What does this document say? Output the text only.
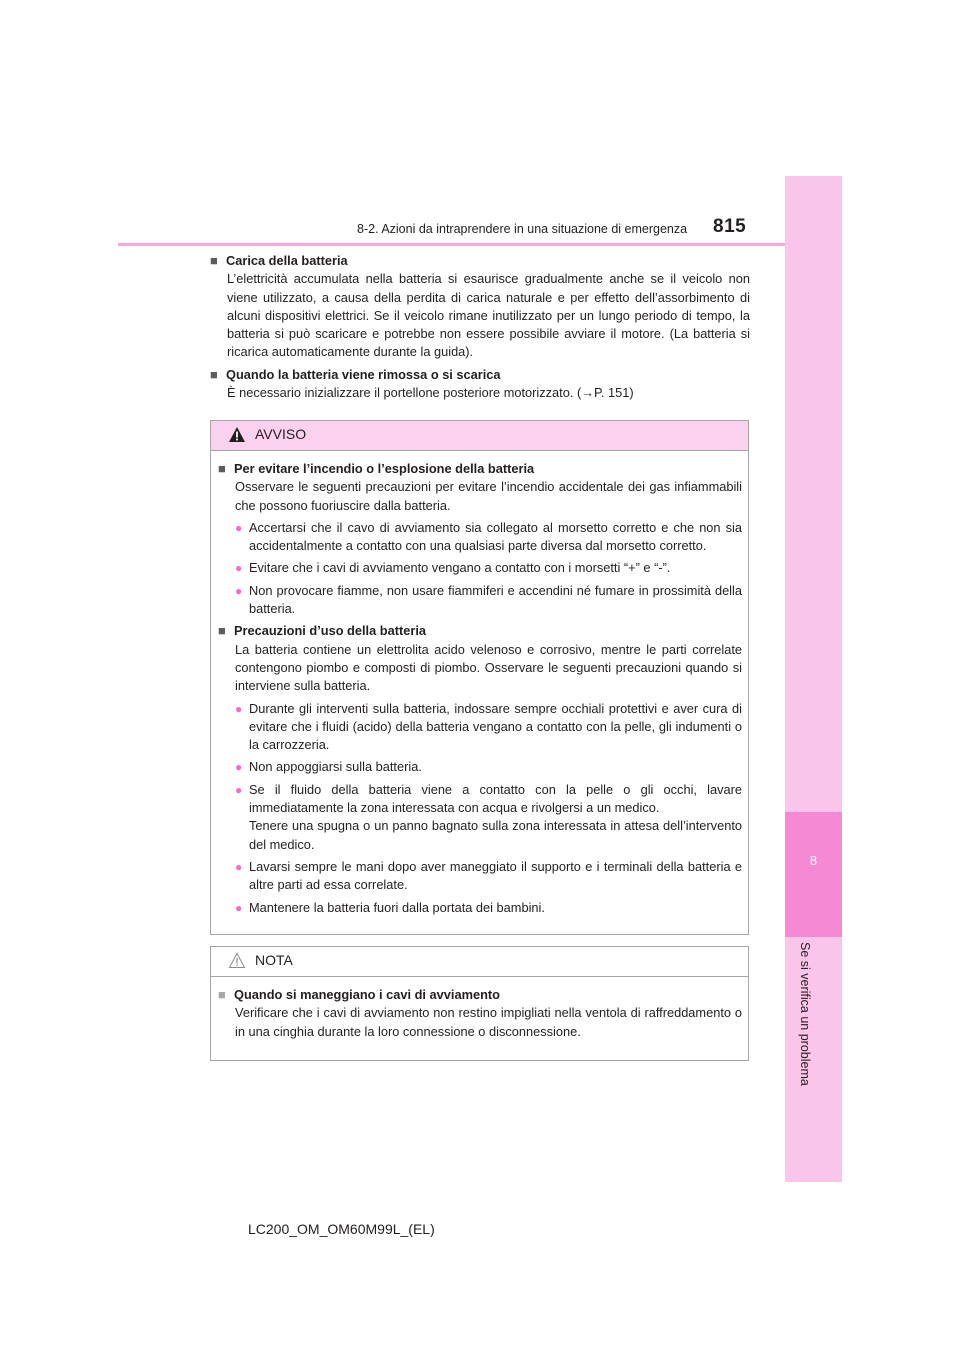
8-2. Azioni da intraprendere in una situazione di emergenza 815
8
Se si verifica un problema
■ Carica della batteria
L’elettricità accumulata nella batteria si esaurisce gradualmente anche se il veicolo non viene utilizzato, a causa della perdita di carica naturale e per effetto dell’assorbimento di alcuni dispositivi elettrici. Se il veicolo rimane inutilizzato per un lungo periodo di tempo, la batteria si può scaricare e potrebbe non essere possibile avviare il motore. (La batteria si ricarica automaticamente durante la guida).
■ Quando la batteria viene rimossa o si scarica
È necessario inizializzare il portellone posteriore motorizzato. (→P. 151)
AVVISO
■ Per evitare l’incendio o l’esplosione della batteria
Osservare le seguenti precauzioni per evitare l’incendio accidentale dei gas infiammabili che possono fuoriuscire dalla batteria.
● Accertarsi che il cavo di avviamento sia collegato al morsetto corretto e che non sia accidentalmente a contatto con una qualsiasi parte diversa dal morsetto corretto.
● Evitare che i cavi di avviamento vengano a contatto con i morsetti “+” e “-”.
● Non provocare fiamme, non usare fiammiferi e accendini né fumare in prossimità della batteria.
■ Precauzioni d’uso della batteria
La batteria contiene un elettrolita acido velenoso e corrosivo, mentre le parti correlate contengono piombo e composti di piombo. Osservare le seguenti precauzioni quando si interviene sulla batteria.
● Durante gli interventi sulla batteria, indossare sempre occhiali protettivi e aver cura di evitare che i fluidi (acido) della batteria vengano a contatto con la pelle, gli indumenti o la carrozzeria.
● Non appoggiarsi sulla batteria.
● Se il fluido della batteria viene a contatto con la pelle o gli occhi, lavare immediatamente la zona interessata con acqua e rivolgersi a un medico.
Tenere una spugna o un panno bagnato sulla zona interessata in attesa dell’intervento del medico.
● Lavarsi sempre le mani dopo aver maneggiato il supporto e i terminali della batteria e altre parti ad essa correlate.
● Mantenere la batteria fuori dalla portata dei bambini.
NOTA
■ Quando si maneggiano i cavi di avviamento
Verificare che i cavi di avviamento non restino impigliati nella ventola di raffreddamento o in una cinghia durante la loro connessione o disconnessione.
LC200_OM_OM60M99L_(EL)
